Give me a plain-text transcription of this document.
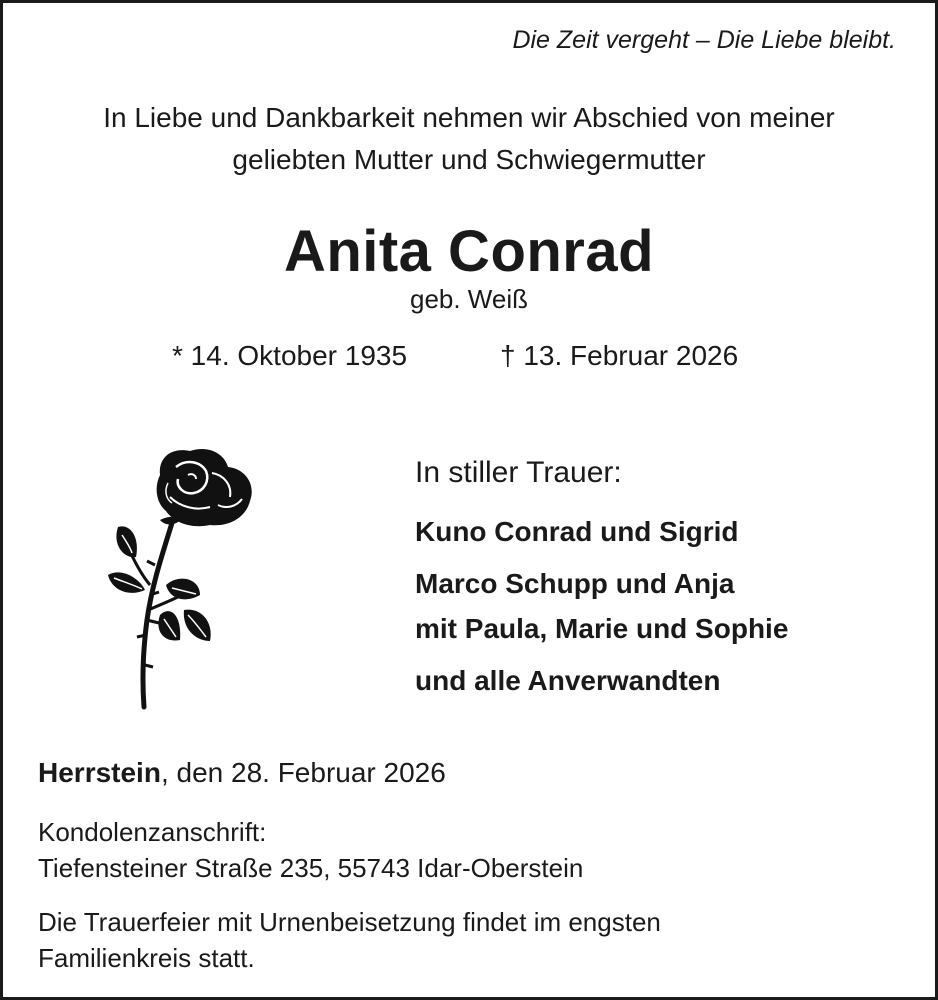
Die Zeit vergeht – Die Liebe bleibt.
In Liebe und Dankbarkeit nehmen wir Abschied von meiner
geliebten Mutter und Schwiegermutter
Anita Conrad
geb. Weiß
* 14. Oktober 1935	† 13. Februar 2026
In stiller Trauer:
Kuno Conrad und Sigrid
Marco Schupp und Anja
mit Paula, Marie und Sophie
und alle Anverwandten
Herrstein, den 28. Februar 2026
Kondolenzanschrift:
Tiefensteiner Straße 235, 55743 Idar-Oberstein
Die Trauerfeier mit Urnenbeisetzung findet im engsten
Familienkreis statt.
